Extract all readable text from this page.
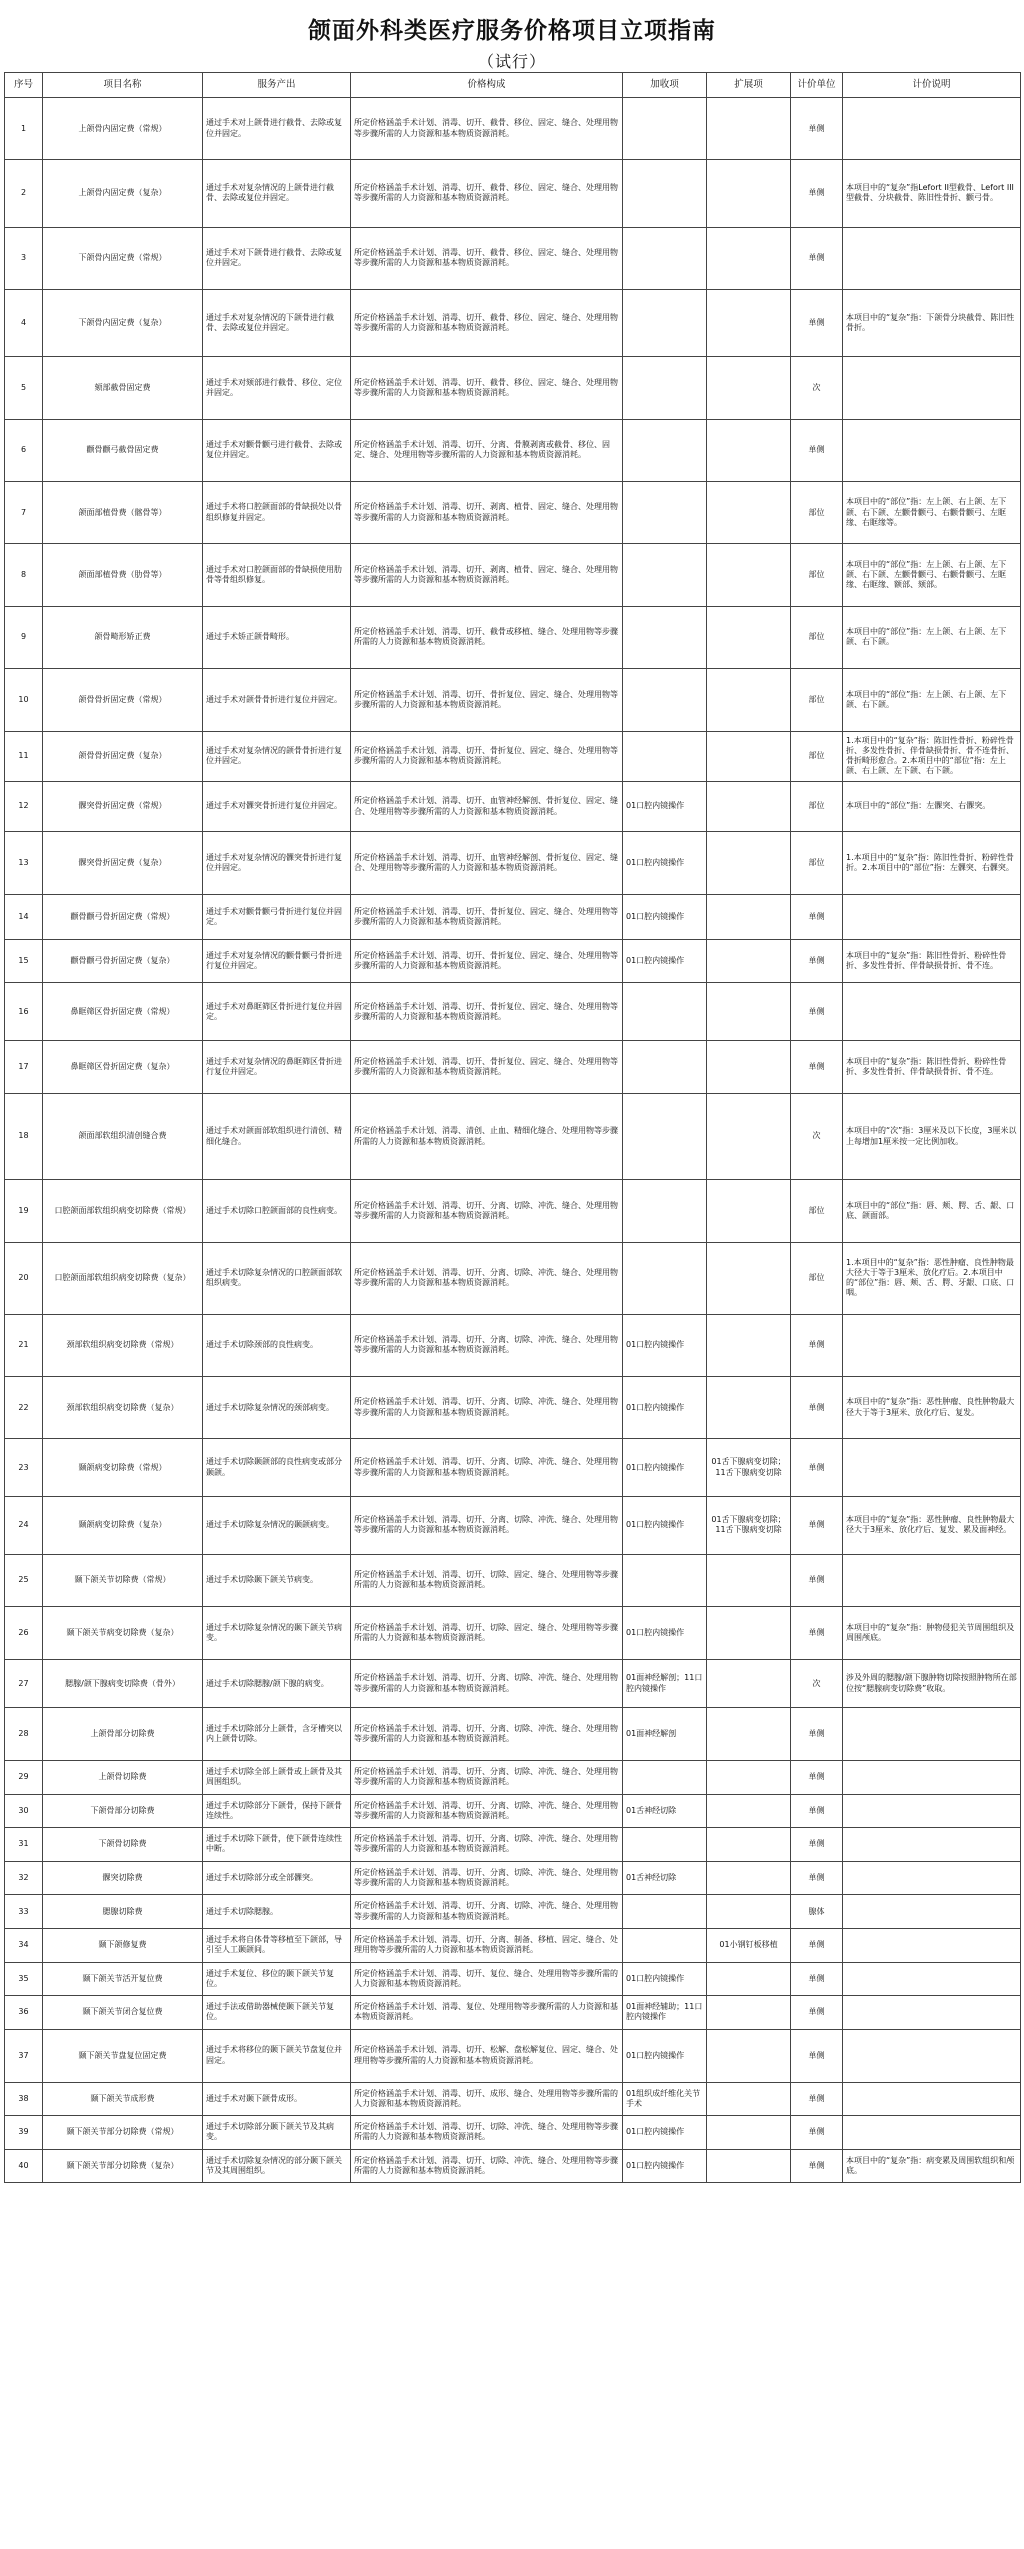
颌面外科类医疗服务价格项目立项指南
（试行）
序号	项目名称	服务产出	价格构成	加收项	扩展项	计价单位	计价说明
1	上颌骨内固定费（常规）	通过手术对上颌骨进行截骨、去除或复位并固定。	所定价格涵盖手术计划、消毒、切开、截骨、移位、固定、缝合、处理用物等步骤所需的人力资源和基本物质资源消耗。			单侧	
2	上颌骨内固定费（复杂）	通过手术对复杂情况的上颌骨进行截骨、去除或复位并固定。	所定价格涵盖手术计划、消毒、切开、截骨、移位、固定、缝合、处理用物等步骤所需的人力资源和基本物质资源消耗。			单侧	本项目中的“复杂”指Lefort II型截骨、Lefort III型截骨、分块截骨、陈旧性骨折、颧弓骨。
3	下颌骨内固定费（常规）	通过手术对下颌骨进行截骨、去除或复位并固定。	所定价格涵盖手术计划、消毒、切开、截骨、移位、固定、缝合、处理用物等步骤所需的人力资源和基本物质资源消耗。			单侧	
4	下颌骨内固定费（复杂）	通过手术对复杂情况的下颌骨进行截骨、去除或复位并固定。	所定价格涵盖手术计划、消毒、切开、截骨、移位、固定、缝合、处理用物等步骤所需的人力资源和基本物质资源消耗。			单侧	本项目中的“复杂”指：下颌骨分块截骨、陈旧性骨折。
5	颏部截骨固定费	通过手术对颏部进行截骨、移位、定位并固定。	所定价格涵盖手术计划、消毒、切开、截骨、移位、固定、缝合、处理用物等步骤所需的人力资源和基本物质资源消耗。			次	
6	颧骨颧弓截骨固定费	通过手术对颧骨颧弓进行截骨、去除或复位并固定。	所定价格涵盖手术计划、消毒、切开、分离、骨膜剥离或截骨、移位、固定、缝合、处理用物等步骤所需的人力资源和基本物质资源消耗。			单侧	
7	颌面部植骨费（髂骨等）	通过手术将口腔颌面部的骨缺损处以骨组织修复并固定。	所定价格涵盖手术计划、消毒、切开、剥离、植骨、固定、缝合、处理用物等步骤所需的人力资源和基本物质资源消耗。			部位	本项目中的“部位”指：左上颌、右上颌、左下颌、右下颌、左颧骨颧弓、右颧骨颧弓、左眶缘、右眶缘等。
8	颌面部植骨费（肋骨等）	通过手术对口腔颌面部的骨缺损使用肋骨等骨组织修复。	所定价格涵盖手术计划、消毒、切开、剥离、植骨、固定、缝合、处理用物等步骤所需的人力资源和基本物质资源消耗。			部位	本项目中的“部位”指：左上颌、右上颌、左下颌、右下颌、左颧骨颧弓、右颧骨颧弓、左眶缘、右眶缘、额部、颏部。
9	颌骨畸形矫正费	通过手术矫正颌骨畸形。	所定价格涵盖手术计划、消毒、切开、截骨或移植、缝合、处理用物等步骤所需的人力资源和基本物质资源消耗。			部位	本项目中的“部位”指：左上颌、右上颌、左下颌、右下颌。
10	颌骨骨折固定费（常规）	通过手术对颌骨骨折进行复位并固定。	所定价格涵盖手术计划、消毒、切开、骨折复位、固定、缝合、处理用物等步骤所需的人力资源和基本物质资源消耗。			部位	本项目中的“部位”指：左上颌、右上颌、左下颌、右下颌。
11	颌骨骨折固定费（复杂）	通过手术对复杂情况的颌骨骨折进行复位并固定。	所定价格涵盖手术计划、消毒、切开、骨折复位、固定、缝合、处理用物等步骤所需的人力资源和基本物质资源消耗。			部位	1.本项目中的“复杂”指：陈旧性骨折、粉碎性骨折、多发性骨折、伴骨缺损骨折、骨不连骨折、骨折畸形愈合。2.本项目中的“部位”指：左上颌、右上颌、左下颌、右下颌。
12	髁突骨折固定费（常规）	通过手术对髁突骨折进行复位并固定。	所定价格涵盖手术计划、消毒、切开、血管神经解剖、骨折复位、固定、缝合、处理用物等步骤所需的人力资源和基本物质资源消耗。	01口腔内镜操作		部位	本项目中的“部位”指：左髁突、右髁突。
13	髁突骨折固定费（复杂）	通过手术对复杂情况的髁突骨折进行复位并固定。	所定价格涵盖手术计划、消毒、切开、血管神经解剖、骨折复位、固定、缝合、处理用物等步骤所需的人力资源和基本物质资源消耗。	01口腔内镜操作		部位	1.本项目中的“复杂”指：陈旧性骨折、粉碎性骨折。2.本项目中的“部位”指：左髁突、右髁突。
14	颧骨颧弓骨折固定费（常规）	通过手术对颧骨颧弓骨折进行复位并固定。	所定价格涵盖手术计划、消毒、切开、骨折复位、固定、缝合、处理用物等步骤所需的人力资源和基本物质资源消耗。	01口腔内镜操作		单侧	
15	颧骨颧弓骨折固定费（复杂）	通过手术对复杂情况的颧骨颧弓骨折进行复位并固定。	所定价格涵盖手术计划、消毒、切开、骨折复位、固定、缝合、处理用物等步骤所需的人力资源和基本物质资源消耗。	01口腔内镜操作		单侧	本项目中的“复杂”指：陈旧性骨折、粉碎性骨折、多发性骨折、伴骨缺损骨折、骨不连。
16	鼻眶筛区骨折固定费（常规）	通过手术对鼻眶筛区骨折进行复位并固定。	所定价格涵盖手术计划、消毒、切开、骨折复位、固定、缝合、处理用物等步骤所需的人力资源和基本物质资源消耗。			单侧	
17	鼻眶筛区骨折固定费（复杂）	通过手术对复杂情况的鼻眶筛区骨折进行复位并固定。	所定价格涵盖手术计划、消毒、切开、骨折复位、固定、缝合、处理用物等步骤所需的人力资源和基本物质资源消耗。			单侧	本项目中的“复杂”指：陈旧性骨折、粉碎性骨折、多发性骨折、伴骨缺损骨折、骨不连。
18	颌面部软组织清创缝合费	通过手术对颌面部软组织进行清创、精细化缝合。	所定价格涵盖手术计划、消毒、清创、止血、精细化缝合、处理用物等步骤所需的人力资源和基本物质资源消耗。			次	本项目中的“次”指：3厘米及以下长度，3厘米以上每增加1厘米按一定比例加收。
19	口腔颌面部软组织病变切除费（常规）	通过手术切除口腔颌面部的良性病变。	所定价格涵盖手术计划、消毒、切开、分离、切除、冲洗、缝合、处理用物等步骤所需的人力资源和基本物质资源消耗。			部位	本项目中的“部位”指：唇、颊、腭、舌、龈、口底、颌面部。
20	口腔颌面部软组织病变切除费（复杂）	通过手术切除复杂情况的口腔颌面部软组织病变。	所定价格涵盖手术计划、消毒、切开、分离、切除、冲洗、缝合、处理用物等步骤所需的人力资源和基本物质资源消耗。			部位	1.本项目中的“复杂”指：恶性肿瘤、良性肿物最大径大于等于3厘米、放化疗后。2.本项目中的“部位”指：唇、颊、舌、腭、牙龈、口底、口咽。
21	颈部软组织病变切除费（常规）	通过手术切除颈部的良性病变。	所定价格涵盖手术计划、消毒、切开、分离、切除、冲洗、缝合、处理用物等步骤所需的人力资源和基本物质资源消耗。	01口腔内镜操作		单侧	
22	颈部软组织病变切除费（复杂）	通过手术切除复杂情况的颈部病变。	所定价格涵盖手术计划、消毒、切开、分离、切除、冲洗、缝合、处理用物等步骤所需的人力资源和基本物质资源消耗。	01口腔内镜操作		单侧	本项目中的“复杂”指：恶性肿瘤、良性肿物最大径大于等于3厘米、放化疗后、复发。
23	颞颌病变切除费（常规）	通过手术切除颞颌部的良性病变或部分颞颌。	所定价格涵盖手术计划、消毒、切开、分离、切除、冲洗、缝合、处理用物等步骤所需的人力资源和基本物质资源消耗。	01口腔内镜操作	01舌下腺病变切除；11舌下腺病变切除	单侧	
24	颞颌病变切除费（复杂）	通过手术切除复杂情况的颞颌病变。	所定价格涵盖手术计划、消毒、切开、分离、切除、冲洗、缝合、处理用物等步骤所需的人力资源和基本物质资源消耗。	01口腔内镜操作	01舌下腺病变切除；11舌下腺病变切除	单侧	本项目中的“复杂”指：恶性肿瘤、良性肿物最大径大于3厘米、放化疗后、复发、累及面神经。
25	颞下颌关节切除费（常规）	通过手术切除颞下颌关节病变。	所定价格涵盖手术计划、消毒、切开、切除、固定、缝合、处理用物等步骤所需的人力资源和基本物质资源消耗。			单侧	
26	颞下颌关节病变切除费（复杂）	通过手术切除复杂情况的颞下颌关节病变。	所定价格涵盖手术计划、消毒、切开、切除、固定、缝合、处理用物等步骤所需的人力资源和基本物质资源消耗。	01口腔内镜操作		单侧	本项目中的“复杂”指：肿物侵犯关节周围组织及周围颅底。
27	腮腺/颌下腺病变切除费（骨外）	通过手术切除腮腺/颌下腺的病变。	所定价格涵盖手术计划、消毒、切开、分离、切除、冲洗、缝合、处理用物等步骤所需的人力资源和基本物质资源消耗。	01面神经解剖；11口腔内镜操作		次	涉及外周的腮腺/颌下腺肿物切除按照肿物所在部位按“腮腺病变切除费”收取。
28	上颌骨部分切除费	通过手术切除部分上颌骨，含牙槽突以内上颌骨切除。	所定价格涵盖手术计划、消毒、切开、分离、切除、冲洗、缝合、处理用物等步骤所需的人力资源和基本物质资源消耗。	01面神经解剖		单侧	
29	上颌骨切除费	通过手术切除全部上颌骨或上颌骨及其周围组织。	所定价格涵盖手术计划、消毒、切开、分离、切除、冲洗、缝合、处理用物等步骤所需的人力资源和基本物质资源消耗。			单侧	
30	下颌骨部分切除费	通过手术切除部分下颌骨，保持下颌骨连续性。	所定价格涵盖手术计划、消毒、切开、分离、切除、冲洗、缝合、处理用物等步骤所需的人力资源和基本物质资源消耗。	01舌神经切除		单侧	
31	下颌骨切除费	通过手术切除下颌骨，使下颌骨连续性中断。	所定价格涵盖手术计划、消毒、切开、分离、切除、冲洗、缝合、处理用物等步骤所需的人力资源和基本物质资源消耗。			单侧	
32	髁突切除费	通过手术切除部分或全部髁突。	所定价格涵盖手术计划、消毒、切开、分离、切除、冲洗、缝合、处理用物等步骤所需的人力资源和基本物质资源消耗。	01舌神经切除		单侧	
33	腮腺切除费	通过手术切除腮腺。	所定价格涵盖手术计划、消毒、切开、分离、切除、冲洗、缝合、处理用物等步骤所需的人力资源和基本物质资源消耗。			腺体	
34	颞下颌修复费	通过手术将自体骨等移植至下颌部，导引至人工颞颌间。	所定价格涵盖手术计划、消毒、切开、分离、制备、移植、固定、缝合、处理用物等步骤所需的人力资源和基本物质资源消耗。		01小钢钉板移植	单侧	
35	颞下颌关节活开复位费	通过手术复位、移位的颞下颌关节复位。	所定价格涵盖手术计划、消毒、切开、复位、缝合、处理用物等步骤所需的人力资源和基本物质资源消耗。	01口腔内镜操作		单侧	
36	颞下颌关节闭合复位费	通过手法或借助器械使颞下颌关节复位。	所定价格涵盖手术计划、消毒、复位、处理用物等步骤所需的人力资源和基本物质资源消耗。	01面神经辅助；11口腔内镜操作		单侧	
37	颞下颌关节盘复位固定费	通过手术将移位的颞下颌关节盘复位并固定。	所定价格涵盖手术计划、消毒、切开、松解、盘松解复位、固定、缝合、处理用物等步骤所需的人力资源和基本物质资源消耗。	01口腔内镜操作		单侧	
38	颞下颌关节成形费	通过手术对颞下颌骨成形。	所定价格涵盖手术计划、消毒、切开、成形、缝合、处理用物等步骤所需的人力资源和基本物质资源消耗。	01组织成纤维化关节手术		单侧	
39	颞下颌关节部分切除费（常规）	通过手术切除部分颞下颌关节及其病变。	所定价格涵盖手术计划、消毒、切开、切除、冲洗、缝合、处理用物等步骤所需的人力资源和基本物质资源消耗。	01口腔内镜操作		单侧	
40	颞下颌关节部分切除费（复杂）	通过手术切除复杂情况的部分颞下颌关节及其周围组织。	所定价格涵盖手术计划、消毒、切开、切除、冲洗、缝合、处理用物等步骤所需的人力资源和基本物质资源消耗。	01口腔内镜操作		单侧	本项目中的“复杂”指：病变累及周围软组织和颅底。
